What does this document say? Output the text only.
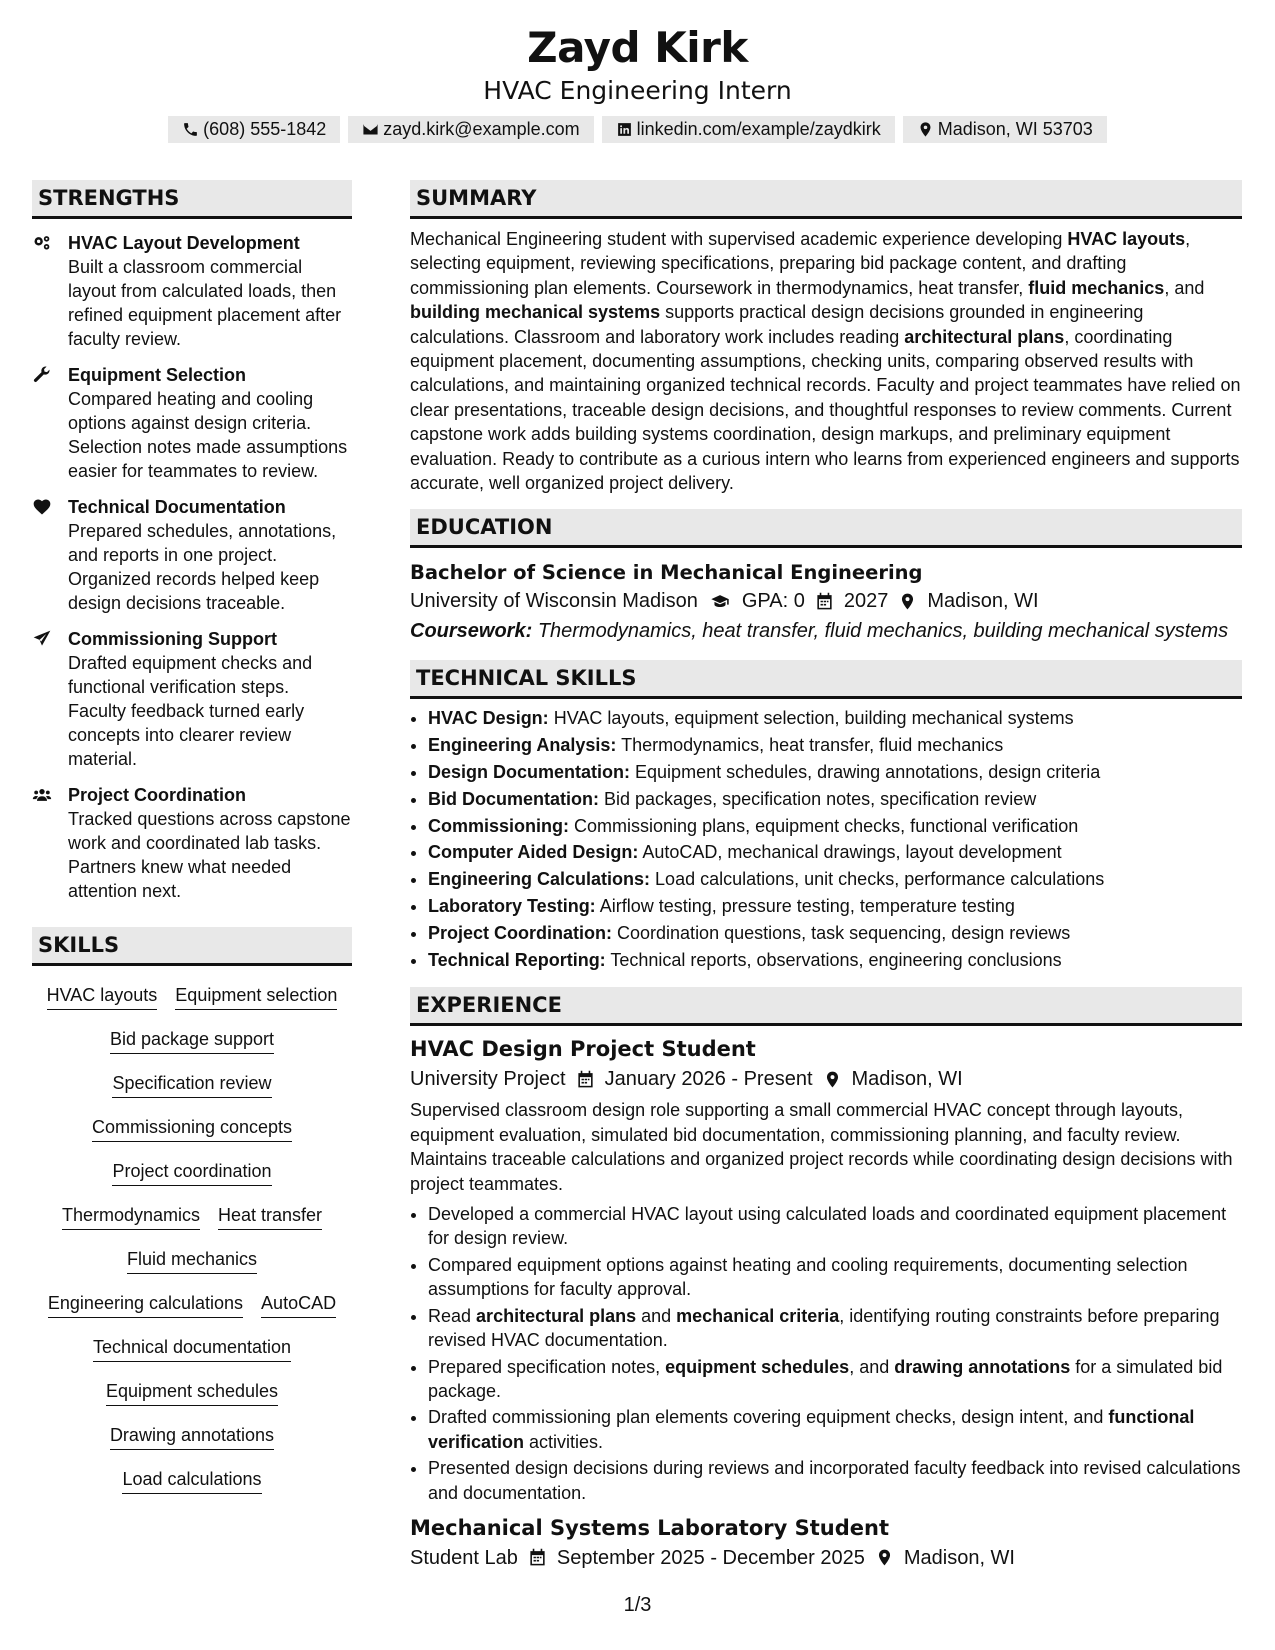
Zayd Kirk
HVAC Engineering Intern
(608) 555-1842	zayd.kirk@example.com	linkedin.com/example/zaydkirk	Madison, WI 53703
STRENGTHS
HVAC Layout Development
Built a classroom commercial layout from calculated loads, then refined equipment placement after faculty review.
Equipment Selection
Compared heating and cooling options against design criteria. Selection notes made assumptions easier for teammates to review.
Technical Documentation
Prepared schedules, annotations, and reports in one project. Organized records helped keep design decisions traceable.
Commissioning Support
Drafted equipment checks and functional verification steps. Faculty feedback turned early concepts into clearer review material.
Project Coordination
Tracked questions across capstone work and coordinated lab tasks. Partners knew what needed attention next.
SKILLS
HVAC layouts Equipment selection
Bid package support
Specification review
Commissioning concepts
Project coordination
Thermodynamics Heat transfer
Fluid mechanics
Engineering calculations AutoCAD
Technical documentation
Equipment schedules
Drawing annotations
Load calculations
SUMMARY
Mechanical Engineering student with supervised academic experience developing HVAC layouts, selecting equipment, reviewing specifications, preparing bid package content, and drafting commissioning plan elements. Coursework in thermodynamics, heat transfer, fluid mechanics, and building mechanical systems supports practical design decisions grounded in engineering calculations. Classroom and laboratory work includes reading architectural plans, coordinating equipment placement, documenting assumptions, checking units, comparing observed results with calculations, and maintaining organized technical records. Faculty and project teammates have relied on clear presentations, traceable design decisions, and thoughtful responses to review comments. Current capstone work adds building systems coordination, design markups, and preliminary equipment evaluation. Ready to contribute as a curious intern who learns from experienced engineers and supports accurate, well organized project delivery.
EDUCATION
Bachelor of Science in Mechanical Engineering
University of Wisconsin Madison GPA: 0 2027 Madison, WI
Coursework: Thermodynamics, heat transfer, fluid mechanics, building mechanical systems
TECHNICAL SKILLS
• HVAC Design: HVAC layouts, equipment selection, building mechanical systems
• Engineering Analysis: Thermodynamics, heat transfer, fluid mechanics
• Design Documentation: Equipment schedules, drawing annotations, design criteria
• Bid Documentation: Bid packages, specification notes, specification review
• Commissioning: Commissioning plans, equipment checks, functional verification
• Computer Aided Design: AutoCAD, mechanical drawings, layout development
• Engineering Calculations: Load calculations, unit checks, performance calculations
• Laboratory Testing: Airflow testing, pressure testing, temperature testing
• Project Coordination: Coordination questions, task sequencing, design reviews
• Technical Reporting: Technical reports, observations, engineering conclusions
EXPERIENCE
HVAC Design Project Student
University Project January 2026 - Present Madison, WI
Supervised classroom design role supporting a small commercial HVAC concept through layouts, equipment evaluation, simulated bid documentation, commissioning planning, and faculty review. Maintains traceable calculations and organized project records while coordinating design decisions with project teammates.
• Developed a commercial HVAC layout using calculated loads and coordinated equipment placement for design review.
• Compared equipment options against heating and cooling requirements, documenting selection assumptions for faculty approval.
• Read architectural plans and mechanical criteria, identifying routing constraints before preparing revised HVAC documentation.
• Prepared specification notes, equipment schedules, and drawing annotations for a simulated bid package.
• Drafted commissioning plan elements covering equipment checks, design intent, and functional verification activities.
• Presented design decisions during reviews and incorporated faculty feedback into revised calculations and documentation.
Mechanical Systems Laboratory Student
Student Lab September 2025 - December 2025 Madison, WI
1/3
